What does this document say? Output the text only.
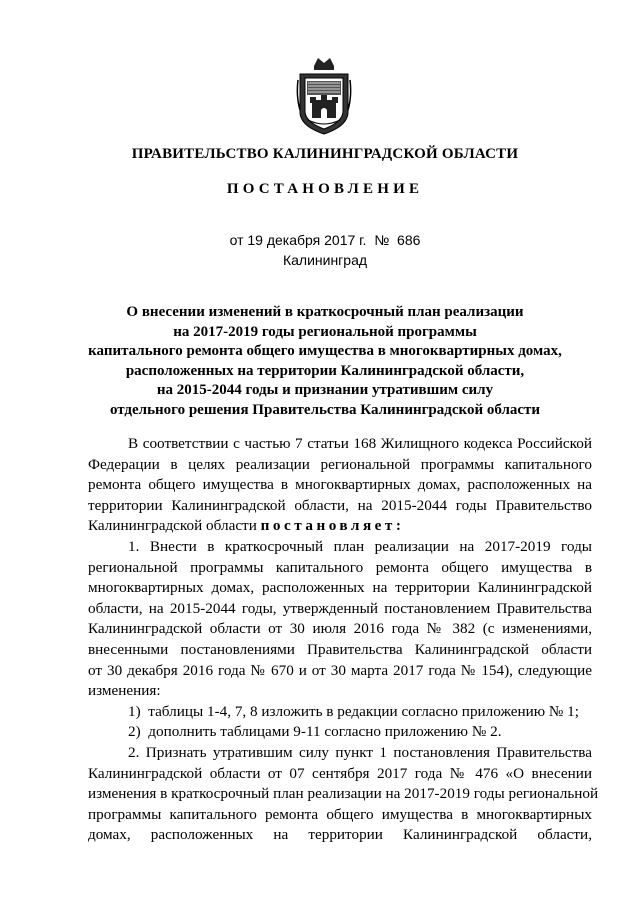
ПРАВИТЕЛЬСТВО КАЛИНИНГРАДСКОЙ ОБЛАСТИ
ПОСТАНОВЛЕНИЕ
от 19 декабря 2017 г.  №  686
Калининград
О внесении изменений в краткосрочный план реализации
на 2017-2019 годы региональной программы
капитального ремонта общего имущества в многоквартирных домах,
расположенных на территории Калининградской области,
на 2015-2044 годы и признании утратившим силу
отдельного решения Правительства Калининградской области
В соответствии с частью 7 статьи 168 Жилищного кодекса Российской
Федерации в целях реализации региональной программы капитального
ремонта общего имущества в многоквартирных домах, расположенных на
территории Калининградской области, на 2015-2044 годы Правительство
Калининградской области постановляет:
1. Внести в краткосрочный план реализации на 2017-2019 годы
региональной программы капитального ремонта общего имущества в
многоквартирных домах, расположенных на территории Калининградской
области, на 2015-2044 годы, утвержденный постановлением Правительства
Калининградской области от 30 июля 2016 года № 382 (с изменениями,
внесенными постановлениями Правительства Калининградской области
от 30 декабря 2016 года № 670 и от 30 марта 2017 года № 154), следующие
изменения:
1)  таблицы 1-4, 7, 8 изложить в редакции согласно приложению № 1;
2)  дополнить таблицами 9-11 согласно приложению № 2.
2. Признать утратившим силу пункт 1 постановления Правительства
Калининградской области от 07 сентября 2017 года № 476 «О внесении
изменения в краткосрочный план реализации на 2017-2019 годы региональной
программы капитального ремонта общего имущества в многоквартирных
домах, расположенных на территории Калининградской области,
